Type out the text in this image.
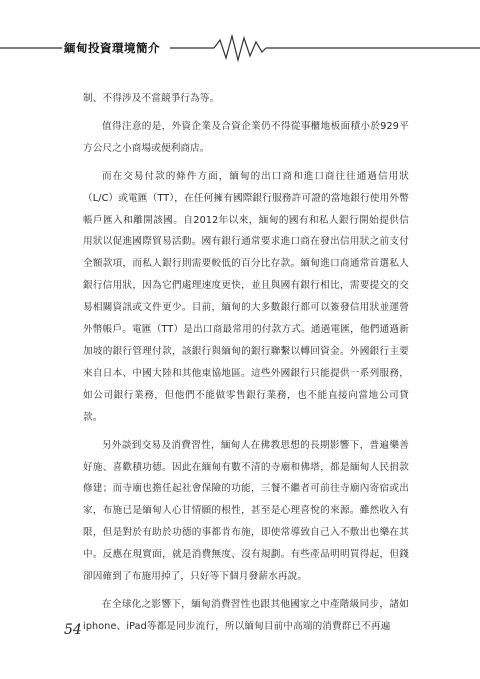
緬甸投資環境簡介

制、不得涉及不當競爭行為等。

值得注意的是，外資企業及合資企業仍不得從事櫃地板面積小於929平方公尺之小商場或便利商店。

而在交易付款的條件方面，緬甸的出口商和進口商往往通過信用狀（L/C）或電匯（TT），在任何擁有國際銀行服務許可證的當地銀行使用外幣帳戶匯入和離開該國。自2012年以來，緬甸的國有和私人銀行開始提供信用狀以促進國際貿易活動。國有銀行通常要求進口商在發出信用狀之前支付全額款項，而私人銀行則需要較低的百分比存款。緬甸進口商通常首選私人銀行信用狀，因為它們處理速度更快，並且與國有銀行相比，需要提交的交易相關資訊或文件更少。目前，緬甸的大多數銀行都可以簽發信用狀並運營外幣帳戶。電匯（TT）是出口商最常用的付款方式。通過電匯，他們通過新加坡的銀行管理付款，該銀行與緬甸的銀行聯繫以轉回資金。外國銀行主要來自日本、中國大陸和其他東協地區。這些外國銀行只能提供一系列服務，如公司銀行業務，但他們不能做零售銀行業務，也不能直接向當地公司貸款。

另外談到交易及消費習性，緬甸人在佛教思想的長期影響下，普遍樂善好施、喜歡積功德。因此在緬甸有數不清的寺廟和佛塔，都是緬甸人民捐款修建；而寺廟也擔任起社會保險的功能，三餐不繼者可前往寺廟內寄宿或出家，布施已是緬甸人心甘情願的根性，甚至是心理喜悅的來源。雖然收入有限，但是對於有助於功德的事都肯布施，即使常導致自己入不敷出也樂在其中。反應在現實面，就是消費無度、沒有規劃。有些產品明明買得起，但錢卻因確到了布施用掉了，只好等下個月發薪水再說。

在全球化之影響下，緬甸消費習性也跟其他國家之中產階級同步，諸如iphone、iPad等都是同步流行，所以緬甸目前中高端的消費群已不再遍

54
